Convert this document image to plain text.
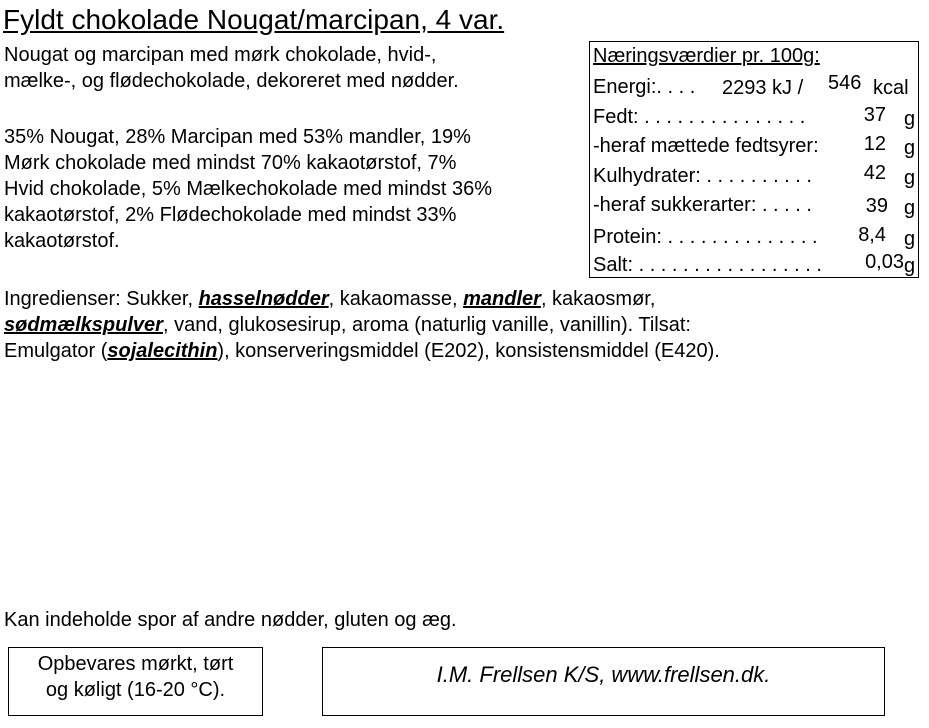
Fyldt chokolade Nougat/marcipan, 4 var.
Nougat og marcipan med mørk chokolade, hvid-,
mælke-, og flødechokolade, dekoreret med nødder.
35% Nougat, 28% Marcipan med 53% mandler, 19%
Mørk chokolade med mindst 70% kakaotørstof, 7%
Hvid chokolade, 5% Mælkechokolade med mindst 36%
kakaotørstof, 2% Flødechokolade med mindst 33%
kakaotørstof.
Næringsværdier pr. 100g:
Energi:. . . . 2293 kJ / 546 kcal
Fedt: . . . . . . . . . . . . . . .	37 g
-heraf mættede fedtsyrer: 12 g
Kulhydrater: . . . . . . . . . .	42 g
-heraf sukkerarter: . . . . .	39 g
Protein: . . . . . . . . . . . . . . 8,4 g
Salt: . . . . . . . . . . . . . . . . . 0,03 g
Ingredienser: Sukker, hasselnødder, kakaomasse, mandler, kakaosmør,
sødmælkspulver, vand, glukosesirup, aroma (naturlig vanille, vanillin). Tilsat:
Emulgator (sojalecithin), konserveringsmiddel (E202), konsistensmiddel (E420).
Kan indeholde spor af andre nødder, gluten og æg.
Opbevares mørkt, tørt
og køligt (16-20 °C).
I.M. Frellsen K/S, www.frellsen.dk.
